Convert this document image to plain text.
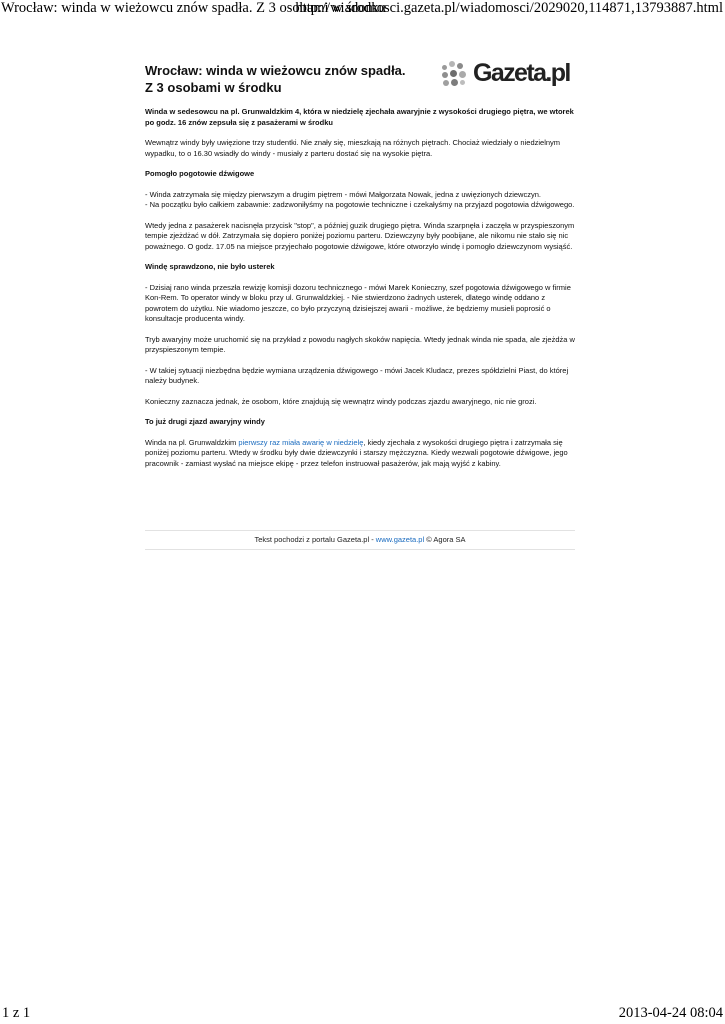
Wrocław: winda w wieżowcu znów spadła. Z 3 osobami w środku
http://wiadomosci.gazeta.pl/wiadomosci/2029020,114871,13793887.html
Wrocław: winda w wieżowcu znów spadła. Z 3 osobami w środku
Gazeta.pl

Winda w sedesowcu na pl. Grunwaldzkim 4, która w niedzielę zjechała awaryjnie z wysokości drugiego piętra, we wtorek po godz. 16 znów zepsuła się z pasażerami w środku

Wewnątrz windy były uwięzione trzy studentki. Nie znały się, mieszkają na różnych piętrach. Chociaż wiedziały o niedzielnym wypadku, to o 16.30 wsiadły do windy - musiały z parteru dostać się na wysokie piętra.

Pomogło pogotowie dźwigowe

- Winda zatrzymała się między pierwszym a drugim piętrem - mówi Małgorzata Nowak, jedna z uwięzionych dziewczyn.
- Na początku było całkiem zabawnie: zadzwoniłyśmy na pogotowie techniczne i czekałyśmy na przyjazd pogotowia dźwigowego.

Wtedy jedna z pasażerek nacisnęła przycisk "stop", a później guzik drugiego piętra. Winda szarpnęła i zaczęła w przyspieszonym tempie zjeżdżać w dół. Zatrzymała się dopiero poniżej poziomu parteru. Dziewczyny były poobijane, ale nikomu nie stało się nic poważnego. O godz. 17.05 na miejsce przyjechało pogotowie dźwigowe, które otworzyło windę i pomogło dziewczynom wysiąść.

Windę sprawdzono, nie było usterek

- Dzisiaj rano winda przeszła rewizję komisji dozoru technicznego - mówi Marek Konieczny, szef pogotowia dźwigowego w firmie Kon-Rem. To operator windy w bloku przy ul. Grunwaldzkiej. - Nie stwierdzono żadnych usterek, dlatego windę oddano z powrotem do użytku. Nie wiadomo jeszcze, co było przyczyną dzisiejszej awarii - możliwe, że będziemy musieli poprosić o konsultacje producenta windy.

Tryb awaryjny może uruchomić się na przykład z powodu nagłych skoków napięcia. Wtedy jednak winda nie spada, ale zjeżdża w przyspieszonym tempie.

- W takiej sytuacji niezbędna będzie wymiana urządzenia dźwigowego - mówi Jacek Kludacz, prezes spółdzielni Piast, do której należy budynek.

Konieczny zaznacza jednak, że osobom, które znajdują się wewnątrz windy podczas zjazdu awaryjnego, nic nie grozi.

To już drugi zjazd awaryjny windy

Winda na pl. Grunwaldzkim pierwszy raz miała awarię w niedzielę, kiedy zjechała z wysokości drugiego piętra i zatrzymała się poniżej poziomu parteru. Wtedy w środku były dwie dziewczynki i starszy mężczyzna. Kiedy wezwali pogotowie dźwigowe, jego pracownik - zamiast wysłać na miejsce ekipę - przez telefon instruował pasażerów, jak mają wyjść z kabiny.

Tekst pochodzi z portalu Gazeta.pl - www.gazeta.pl © Agora SA
1 z 1	2013-04-24 08:04
